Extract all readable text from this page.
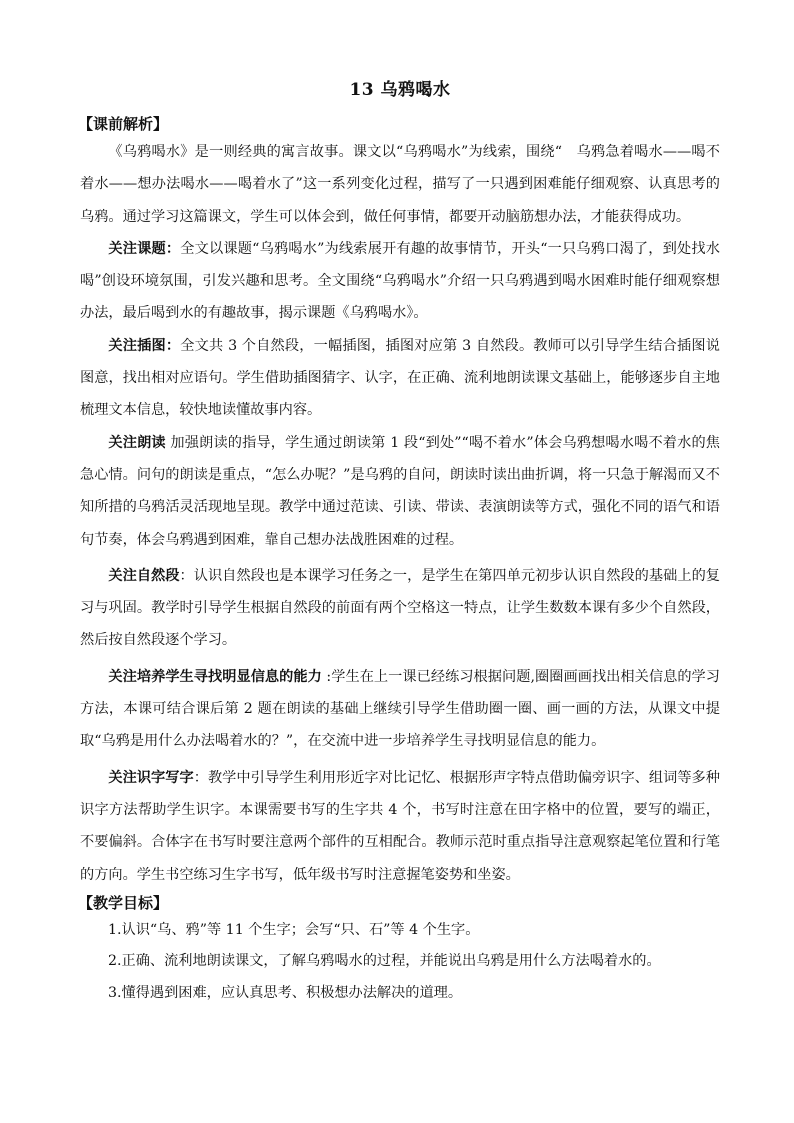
13 乌鸦喝水
【课前解析】

《乌鸦喝水》是一则经典的寓言故事。课文以“乌鸦喝水”为线索，围绕“　乌鸦急着喝水——喝不着水——想办法喝水——喝着水了”这一系列变化过程，描写了一只遇到困难能仔细观察、认真思考的乌鸦。通过学习这篇课文，学生可以体会到，做任何事情，都要开动脑筋想办法，才能获得成功。

关注课题：全文以课题“乌鸦喝水”为线索展开有趣的故事情节，开头“一只乌鸦口渴了，到处找水喝”创设环境氛围，引发兴趣和思考。全文围绕“乌鸦喝水”介绍一只乌鸦遇到喝水困难时能仔细观察想办法，最后喝到水的有趣故事，揭示课题《乌鸦喝水》。

关注插图：全文共 3 个自然段，一幅插图，插图对应第 3 自然段。教师可以引导学生结合插图说图意，找出相对应语句。学生借助插图猜字、认字，在正确、流利地朗读课文基础上，能够逐步自主地梳理文本信息，较快地读懂故事内容。

关注朗读 加强朗读的指导，学生通过朗读第 1 段“到处”“喝不着水”体会乌鸦想喝水喝不着水的焦急心情。问句的朗读是重点，“怎么办呢？”是乌鸦的自问，朗读时读出曲折调，将一只急于解渴而又不知所措的乌鸦活灵活现地呈现。教学中通过范读、引读、带读、表演朗读等方式，强化不同的语气和语句节奏，体会乌鸦遇到困难，靠自己想办法战胜困难的过程。

关注自然段：认识自然段也是本课学习任务之一，是学生在第四单元初步认识自然段的基础上的复习与巩固。教学时引导学生根据自然段的前面有两个空格这一特点，让学生数数本课有多少个自然段，然后按自然段逐个学习。

关注培养学生寻找明显信息的能力 :学生在上一课已经练习根据问题,圈圈画画找出相关信息的学习方法，本课可结合课后第 2 题在朗读的基础上继续引导学生借助圈一圈、画一画的方法，从课文中提取“乌鸦是用什么办法喝着水的？”，在交流中进一步培养学生寻找明显信息的能力。

关注识字写字：教学中引导学生利用形近字对比记忆、根据形声字特点借助偏旁识字、组词等多种识字方法帮助学生识字。本课需要书写的生字共 4 个，书写时注意在田字格中的位置，要写的端正，不要偏斜。合体字在书写时要注意两个部件的互相配合。教师示范时重点指导注意观察起笔位置和行笔的方向。学生书空练习生字书写，低年级书写时注意握笔姿势和坐姿。

【教学目标】
1.认识“乌、鸦”等 11 个生字；会写“只、石”等 4 个生字。
2.正确、流利地朗读课文，了解乌鸦喝水的过程，并能说出乌鸦是用什么方法喝着水的。
3.懂得遇到困难，应认真思考、积极想办法解决的道理。
